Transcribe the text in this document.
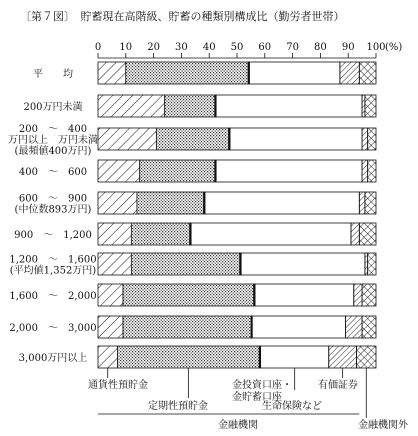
〔第７図〕　貯蓄現在高階級、貯蓄の種類別構成比（勤労者世帯）
0 10 20 30 40 50 60 70 80 90 100 (%)
平　　均
200万円未満
200　〜　400
万円以上　万円未満
(最頻値400万円)
400　〜　600
600　〜　900
(中位数893万円)
900　〜　1,200
1,200　〜　1,600
(平均値1,352万円)
1,600　〜　2,000
2,000　〜　3,000
3,000万円以上
通貨性預貯金
定期性預貯金
金投資口座・
金貯蓄口座
生命保険など
有価証券
金融機関	金融機関外
